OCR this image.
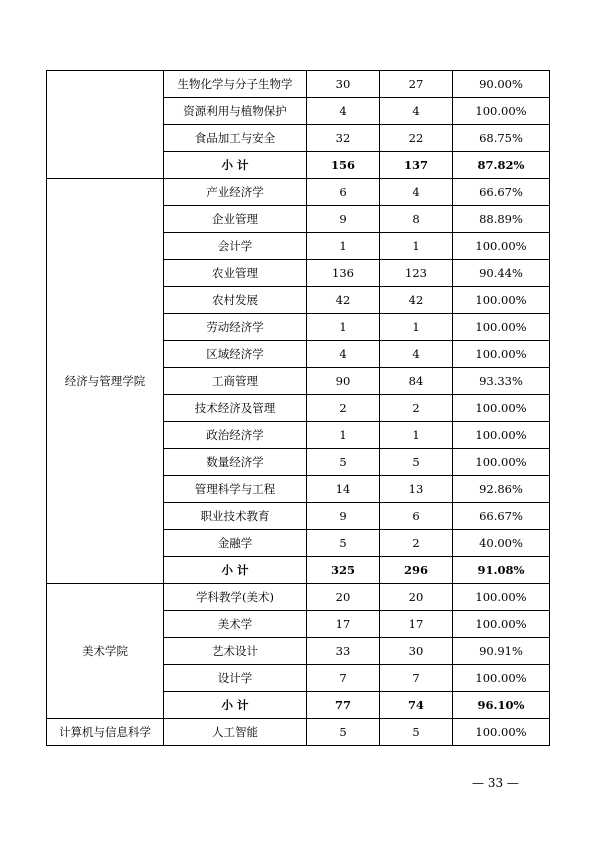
	生物化学与分子生物学	30	27	90.00%
	资源利用与植物保护	4	4	100.00%
	食品加工与安全	32	22	68.75%
	小 计	156	137	87.82%
经济与管理学院	产业经济学	6	4	66.67%
	企业管理	9	8	88.89%
	会计学	1	1	100.00%
	农业管理	136	123	90.44%
	农村发展	42	42	100.00%
	劳动经济学	1	1	100.00%
	区域经济学	4	4	100.00%
	工商管理	90	84	93.33%
	技术经济及管理	2	2	100.00%
	政治经济学	1	1	100.00%
	数量经济学	5	5	100.00%
	管理科学与工程	14	13	92.86%
	职业技术教育	9	6	66.67%
	金融学	5	2	40.00%
	小 计	325	296	91.08%
美术学院	学科教学(美术)	20	20	100.00%
	美术学	17	17	100.00%
	艺术设计	33	30	90.91%
	设计学	7	7	100.00%
	小 计	77	74	96.10%
计算机与信息科学	人工智能	5	5	100.00%
— 33 —
